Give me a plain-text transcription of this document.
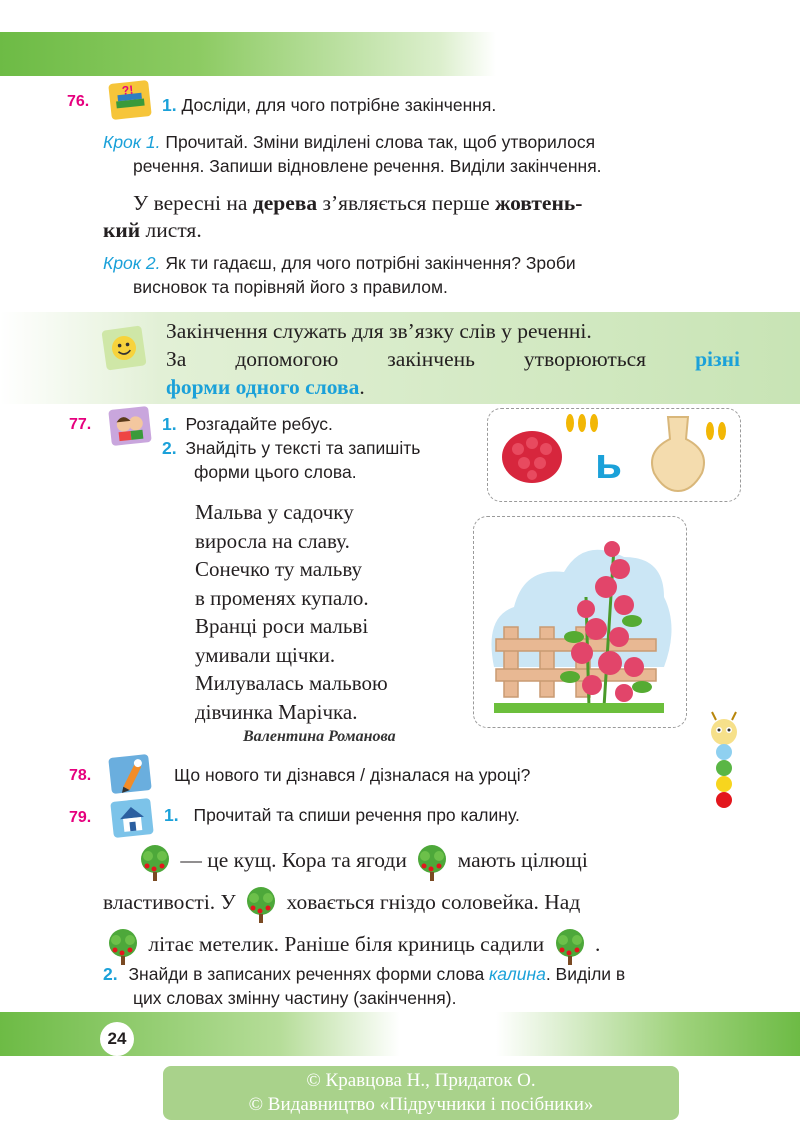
76.
?!
1. Досліди, для чого потрібне закінчення.
Крок 1. Прочитай. Зміни виділені слова так, щоб утворилося
речення. Запиши відновлене речення. Виділи закінчення.
У вересні на дерева з’являється перше жовтень-
кий листя.
Крок 2. Як ти гадаєш, для чого потрібні закінчення? Зроби
висновок та порівняй його з правилом.
Закінчення служать для зв’язку слів у реченні.
За допомогою закінчень утворюються різні
форми одного слова.
77.	1. Розгадайте ребус.
2. Знайдіть у тексті та запишіть
форми цього слова.	ь
Мальва у садочку
виросла на славу.
Сонечко ту мальву
в променях купало.
Вранці роси мальві
умивали щічки.
Милувалась мальвою
дівчинка Марічка.
Валентина Романова
78.	Що нового ти дізнався / дізналася на уроці?
79.	1. Прочитай та спиши речення про калину.
— це кущ. Кора та ягоди мають цілющі
властивості. У ховається гніздо соловейка. Над
літає метелик. Раніше біля криниць садили .
2. Знайди в записаних реченнях форми слова калина. Виділи в
цих словах змінну частину (закінчення).
24
© Кравцова Н., Придаток О.
© Видавництво «Підручники і посібники»
